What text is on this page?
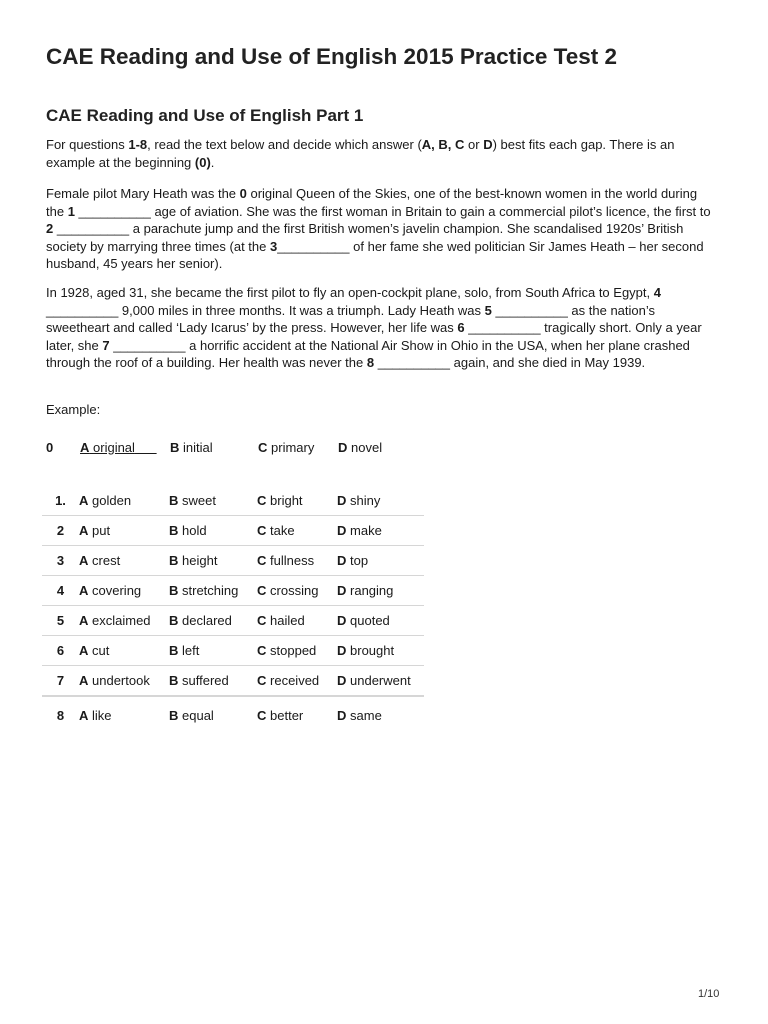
CAE Reading and Use of English 2015 Practice Test 2
CAE Reading and Use of English Part 1

For questions 1-8, read the text below and decide which answer (A, B, C or D) best fits each gap. There is an example at the beginning (0).

Female pilot Mary Heath was the 0 original Queen of the Skies, one of the best-known women in the world during the 1 __________ age of aviation. She was the first woman in Britain to gain a commercial pilot’s licence, the first to 2 __________ a parachute jump and the first British women’s javelin champion. She scandalised 1920s’ British society by marrying three times (at the 3__________ of her fame she wed politician Sir James Heath – her second husband, 45 years her senior).

In 1928, aged 31, she became the first pilot to fly an open-cockpit plane, solo, from South Africa to Egypt, 4 __________ 9,000 miles in three months. It was a triumph. Lady Heath was 5 __________ as the nation’s sweetheart and called ‘Lady Icarus’ by the press. However, her life was 6 __________ tragically short. Only a year later, she 7 __________ a horrific accident at the National Air Show in Ohio in the USA, when her plane crashed through the roof of a building. Her health was never the 8 __________ again, and she died in May 1939.

Example:

0 A original	B initial	C primary D novel
1.	A golden	B sweet	C bright	D shiny
2	A put	B hold	C take	D make
3	A crest	B height	C fullness	D top
4	A covering	B stretching	C crossing	D ranging
5	A exclaimed	B declared	C hailed	D quoted
6	A cut	B left	C stopped	D brought
7	A undertook	B suffered	C received	D underwent
8	A like	B equal	C better	D same
1/10
